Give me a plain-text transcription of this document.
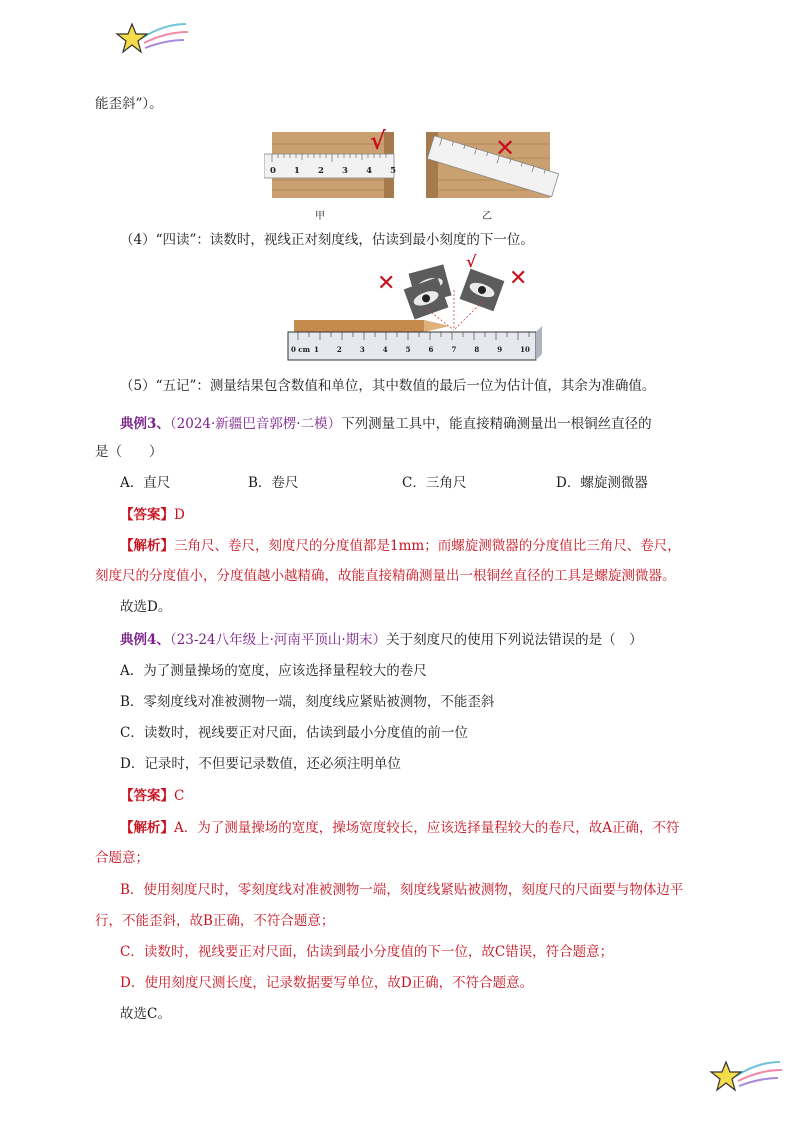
能歪斜”）。
0 1 2 3 4 5
√	✕
甲	乙
（4）“四读”：读数时，视线正对刻度线，估读到最小刻度的下一位。
0 cm 1	2	3	4	5	6	7	8	9	10
✕
√
✕
（5）“五记”：测量结果包含数值和单位，其中数值的最后一位为估计值，其余为准确值。
典例3、（2024·新疆巴音郭楞·二模）下列测量工具中，能直接精确测量出一根铜丝直径的
是（　　）
A．直尺	B．卷尺	C．三角尺	D．螺旋测微器
【答案】D
【解析】三角尺、卷尺，刻度尺的分度值都是1mm；而螺旋测微器的分度值比三角尺、卷尺，
刻度尺的分度值小，分度值越小越精确，故能直接精确测量出一根铜丝直径的工具是螺旋测微器。
故选D。
典例4、（23-24八年级上·河南平顶山·期末）关于刻度尺的使用下列说法错误的是（　）
A．为了测量操场的宽度，应该选择量程较大的卷尺
B．零刻度线对准被测物一端，刻度线应紧贴被测物，不能歪斜
C．读数时，视线要正对尺面，估读到最小分度值的前一位
D．记录时，不但要记录数值，还必须注明单位
【答案】C
【解析】A．为了测量操场的宽度，操场宽度较长，应该选择量程较大的卷尺，故A正确，不符
合题意；
B．使用刻度尺时，零刻度线对准被测物一端，刻度线紧贴被测物，刻度尺的尺面要与物体边平
行，不能歪斜，故B正确，不符合题意；
C．读数时，视线要正对尺面，估读到最小分度值的下一位，故C错误，符合题意；
D．使用刻度尺测长度，记录数据要写单位，故D正确，不符合题意。
故选C。
